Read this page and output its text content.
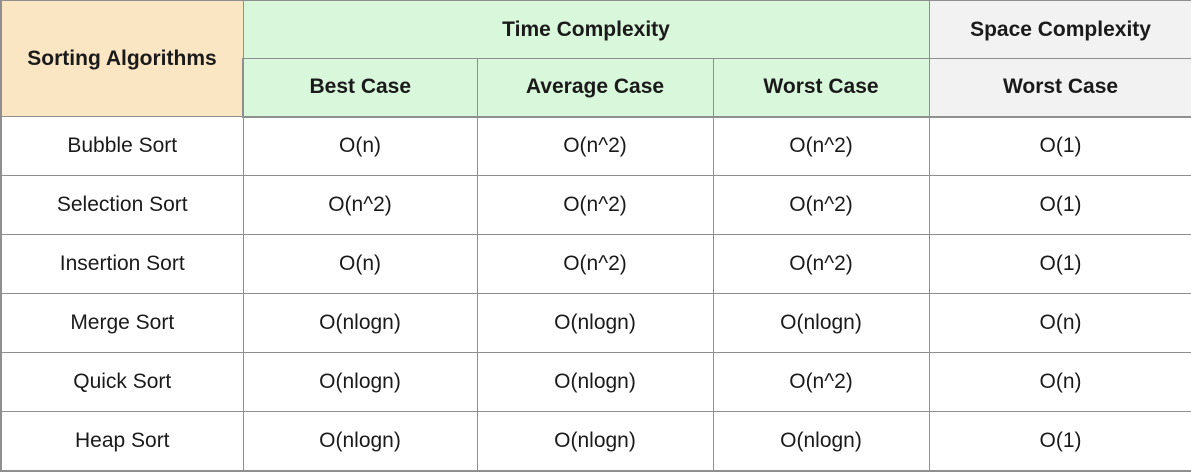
Sorting Algorithms	Time Complexity			Space Complexity
	Best Case	Average Case	Worst Case	Worst Case
Bubble Sort	O(n)	O(n^2)	O(n^2)	O(1)
Selection Sort	O(n^2)	O(n^2)	O(n^2)	O(1)
Insertion Sort	O(n)	O(n^2)	O(n^2)	O(1)
Merge Sort	O(nlogn)	O(nlogn)	O(nlogn)	O(n)
Quick Sort	O(nlogn)	O(nlogn)	O(n^2)	O(n)
Heap Sort	O(nlogn)	O(nlogn)	O(nlogn)	O(1)
